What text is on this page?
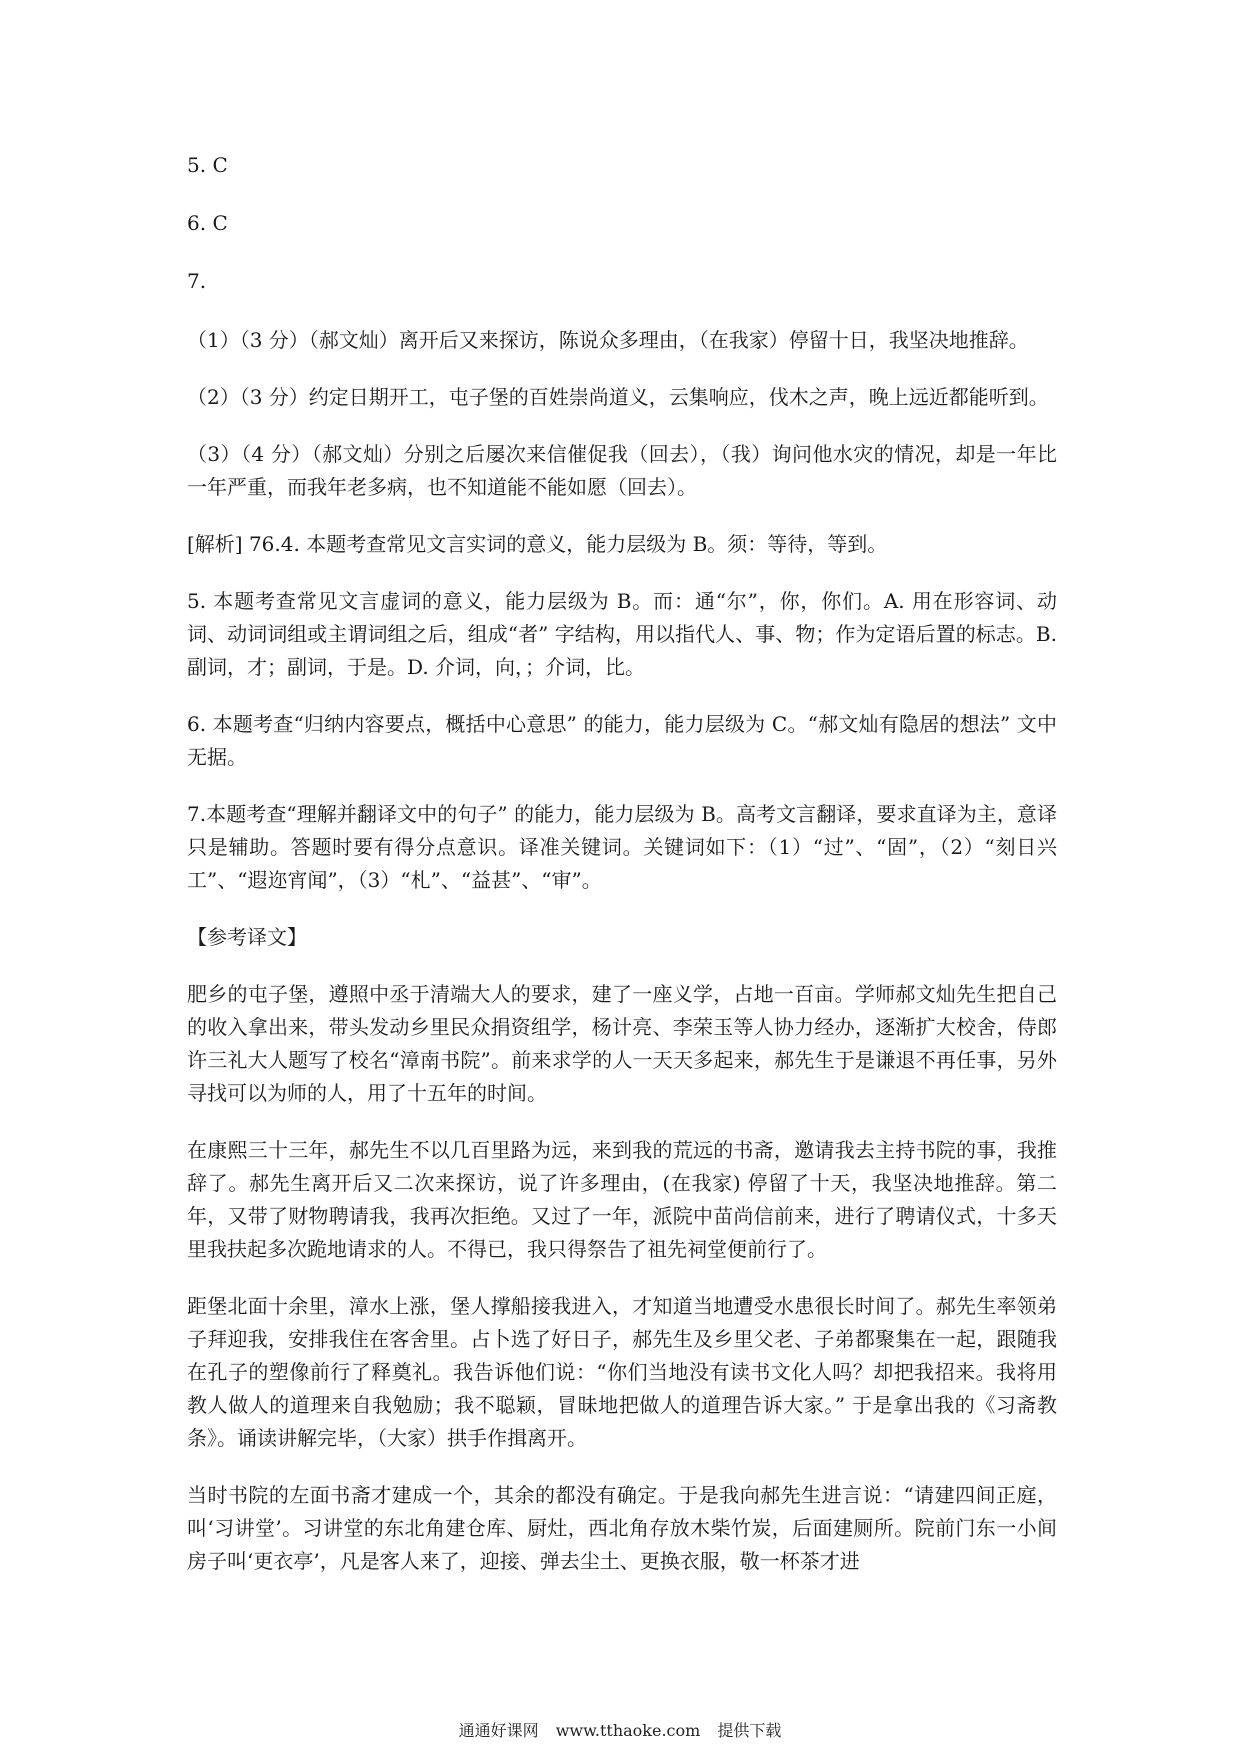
5. C
6. C
7.

（1）（3 分）（郝文灿）离开后又来探访，陈说众多理由，（在我家）停留十日，我坚决地推辞。

（2）（3 分）约定日期开工，屯子堡的百姓崇尚道义，云集响应，伐木之声，晚上远近都能听到。

（3）（4 分）（郝文灿）分别之后屡次来信催促我（回去），（我）询问他水灾的情况，却是一年比一年严重，而我年老多病，也不知道能不能如愿（回去）。

[解析] 76.4. 本题考查常见文言实词的意义，能力层级为 B。须：等待，等到。

5. 本题考查常见文言虚词的意义，能力层级为 B。而：通“尔”，你，你们。A. 用在形容词、动词、动词词组或主谓词组之后，组成“者” 字结构，用以指代人、事、物；作为定语后置的标志。B. 副词，才；副词，于是。D. 介词，向，；介词，比。

6. 本题考查“归纳内容要点，概括中心意思” 的能力，能力层级为 C。“郝文灿有隐居的想法” 文中无据。

7.本题考查“理解并翻译文中的句子” 的能力，能力层级为 B。高考文言翻译，要求直译为主，意译只是辅助。答题时要有得分点意识。译准关键词。关键词如下：（1）“过”、“固”，（2）“刻日兴工”、“遐迩宵闻”，（3）“札”、“益甚”、“审”。

【参考译文】

肥乡的屯子堡，遵照中丞于清端大人的要求，建了一座义学，占地一百亩。学师郝文灿先生把自己的收入拿出来，带头发动乡里民众捐资组学，杨计亮、李荣玉等人协力经办，逐渐扩大校舍，侍郎许三礼大人题写了校名“漳南书院”。前来求学的人一天天多起来，郝先生于是谦退不再任事，另外寻找可以为师的人，用了十五年的时间。

在康熙三十三年，郝先生不以几百里路为远，来到我的荒远的书斋，邀请我去主持书院的事，我推辞了。郝先生离开后又二次来探访，说了许多理由，(在我家) 停留了十天，我坚决地推辞。第二年，又带了财物聘请我，我再次拒绝。又过了一年，派院中苗尚信前来，进行了聘请仪式，十多天里我扶起多次跪地请求的人。不得已，我只得祭告了祖先祠堂便前行了。

距堡北面十余里，漳水上涨，堡人撑船接我进入，才知道当地遭受水患很长时间了。郝先生率领弟子拜迎我，安排我住在客舍里。占卜选了好日子，郝先生及乡里父老、子弟都聚集在一起，跟随我在孔子的塑像前行了释奠礼。我告诉他们说：“你们当地没有读书文化人吗？却把我招来。我将用教人做人的道理来自我勉励；我不聪颖，冒昧地把做人的道理告诉大家。” 于是拿出我的《习斋教条》。诵读讲解完毕，（大家）拱手作揖离开。

当时书院的左面书斋才建成一个，其余的都没有确定。于是我向郝先生进言说：“请建四间正庭，叫‘习讲堂’。习讲堂的东北角建仓库、厨灶，西北角存放木柴竹炭，后面建厕所。院前门东一小间房子叫‘更衣亭’，凡是客人来了，迎接、弹去尘土、更换衣服，敬一杯茶才进

通通好课网 www.tthaoke.com 提供下载
